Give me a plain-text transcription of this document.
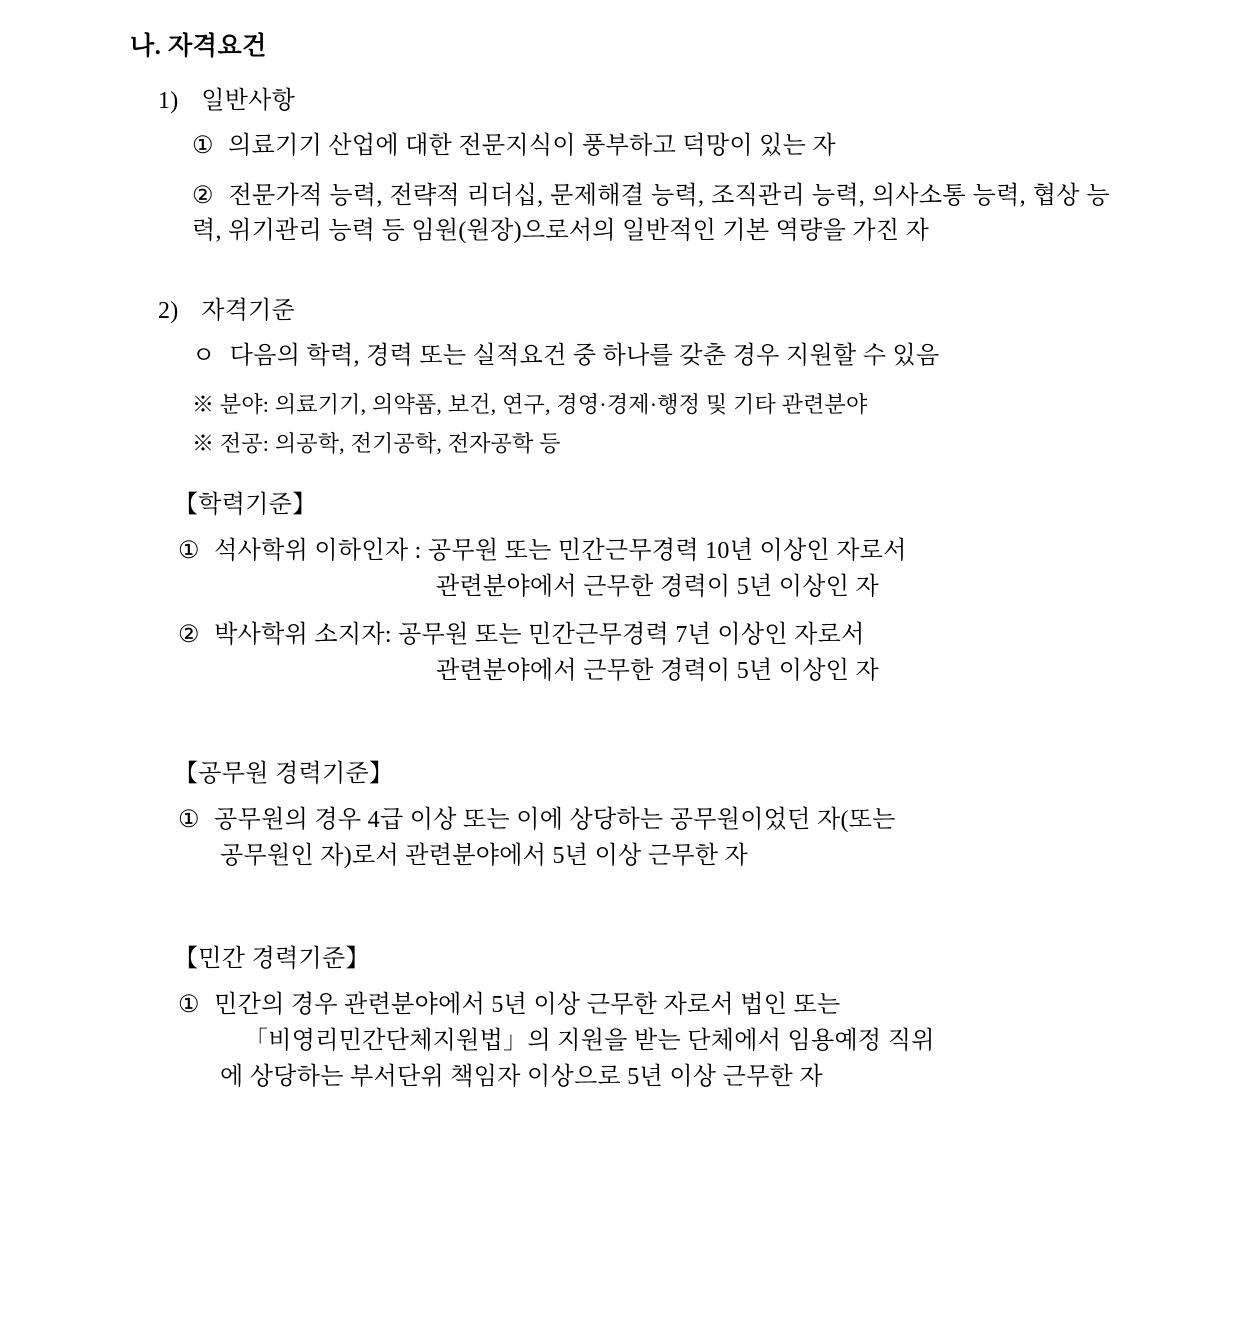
나. 자격요건
1) 일반사항
① 의료기기 산업에 대한 전문지식이 풍부하고 덕망이 있는 자
② 전문가적 능력, 전략적 리더십, 문제해결 능력, 조직관리 능력, 의사소통 능력, 협상 능력, 위기관리 능력 등 임원(원장)으로서의 일반적인 기본 역량을 가진 자
2) 자격기준
ㅇ 다음의 학력, 경력 또는 실적요건 중 하나를 갖춘 경우 지원할 수 있음
※ 분야: 의료기기, 의약품, 보건, 연구, 경영·경제·행정 및 기타 관련분야
※ 전공: 의공학, 전기공학, 전자공학 등
【학력기준】
① 석사학위 이하인자 : 공무원 또는 민간근무경력 10년 이상인 자로서
관련분야에서 근무한 경력이 5년 이상인 자
② 박사학위 소지자: 공무원 또는 민간근무경력 7년 이상인 자로서
관련분야에서 근무한 경력이 5년 이상인 자
【공무원 경력기준】
① 공무원의 경우 4급 이상 또는 이에 상당하는 공무원이었던 자(또는
공무원인 자)로서 관련분야에서 5년 이상 근무한 자
【민간 경력기준】
① 민간의 경우 관련분야에서 5년 이상 근무한 자로서 법인 또는
「비영리민간단체지원법」의 지원을 받는 단체에서 임용예정 직위
에 상당하는 부서단위 책임자 이상으로 5년 이상 근무한 자
